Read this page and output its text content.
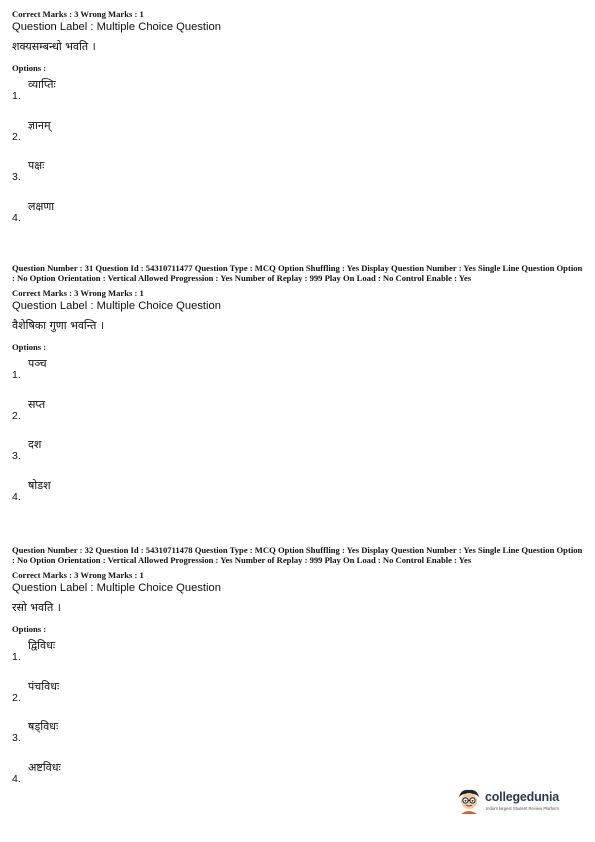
Correct Marks : 3 Wrong Marks : 1
Question Label : Multiple Choice Question
शक्यसम्बन्धो भवति ।
Options :
1.
व्याप्तिः
2.
ज्ञानम्
3.
पक्षः
4.
लक्षणा
Question Number : 31 Question Id : 54310711477 Question Type : MCQ Option Shuffling : Yes Display Question Number : Yes Single Line Question Option : No Option Orientation : Vertical Allowed Progression : Yes Number of Replay : 999 Play On Load : No Control Enable : Yes
Correct Marks : 3 Wrong Marks : 1
Question Label : Multiple Choice Question
वैशेषिका गुणा भवन्ति ।
Options :
1.
पञ्च
2.
सप्त
3.
दश
4.
षोडश
Question Number : 32 Question Id : 54310711478 Question Type : MCQ Option Shuffling : Yes Display Question Number : Yes Single Line Question Option : No Option Orientation : Vertical Allowed Progression : Yes Number of Replay : 999 Play On Load : No Control Enable : Yes
Correct Marks : 3 Wrong Marks : 1
Question Label : Multiple Choice Question
रसो भवति ।
Options :
1.
द्विविधः
2.
पंचविधः
3.
षड्विधः
4.
अष्टविधः
collegedunia
India's largest Student Review Platform
